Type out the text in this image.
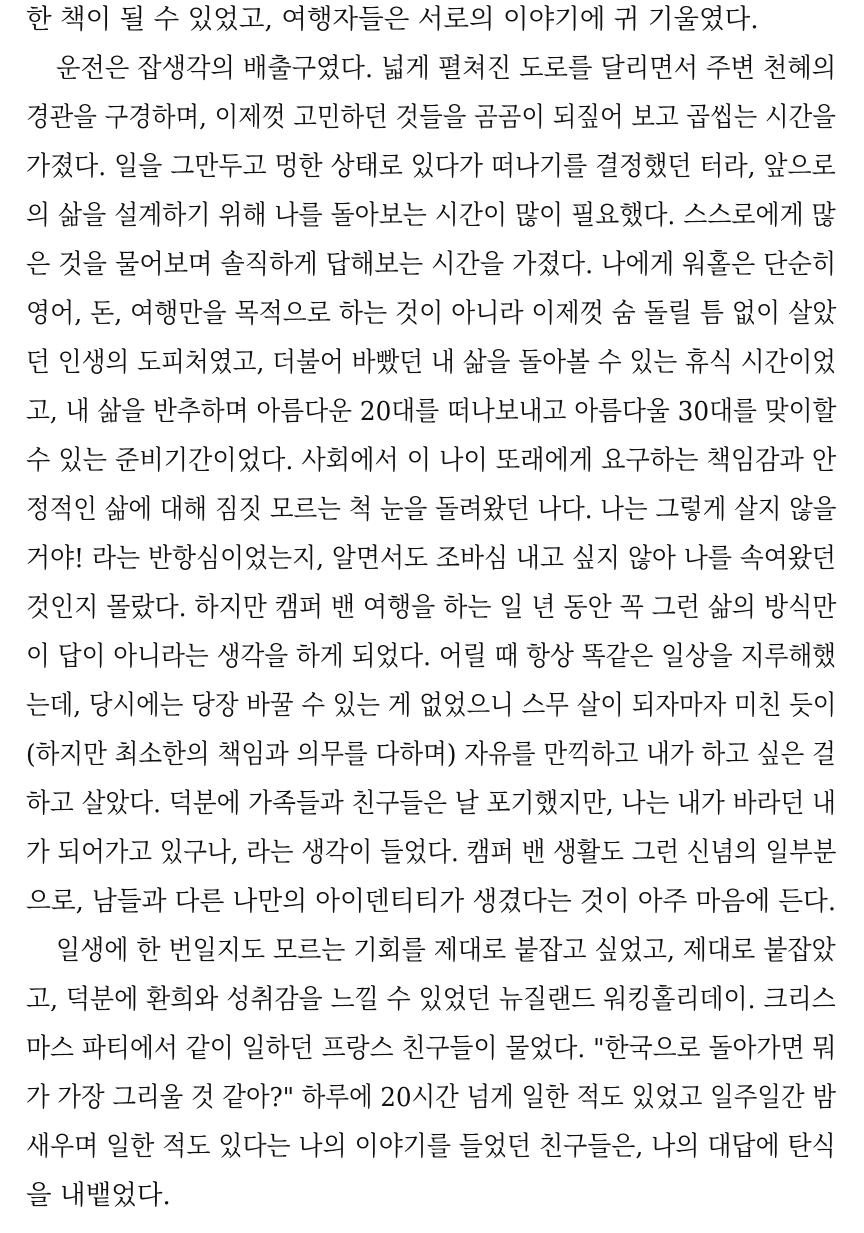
한 책이 될 수 있었고, 여행자들은 서로의 이야기에 귀 기울였다.
운전은 잡생각의 배출구였다. 넓게 펼쳐진 도로를 달리면서 주변 천혜의
경관을 구경하며, 이제껏 고민하던 것들을 곰곰이 되짚어 보고 곱씹는 시간을
가졌다. 일을 그만두고 멍한 상태로 있다가 떠나기를 결정했던 터라, 앞으로
의 삶을 설계하기 위해 나를 돌아보는 시간이 많이 필요했다. 스스로에게 많
은 것을 물어보며 솔직하게 답해보는 시간을 가졌다. 나에게 워홀은 단순히
영어, 돈, 여행만을 목적으로 하는 것이 아니라 이제껏 숨 돌릴 틈 없이 살았
던 인생의 도피처였고, 더불어 바빴던 내 삶을 돌아볼 수 있는 휴식 시간이었
고, 내 삶을 반추하며 아름다운 20대를 떠나보내고 아름다울 30대를 맞이할
수 있는 준비기간이었다. 사회에서 이 나이 또래에게 요구하는 책임감과 안
정적인 삶에 대해 짐짓 모르는 척 눈을 돌려왔던 나다. 나는 그렇게 살지 않을
거야! 라는 반항심이었는지, 알면서도 조바심 내고 싶지 않아 나를 속여왔던
것인지 몰랐다. 하지만 캠퍼 밴 여행을 하는 일 년 동안 꼭 그런 삶의 방식만
이 답이 아니라는 생각을 하게 되었다. 어릴 때 항상 똑같은 일상을 지루해했
는데, 당시에는 당장 바꿀 수 있는 게 없었으니 스무 살이 되자마자 미친 듯이
(하지만 최소한의 책임과 의무를 다하며) 자유를 만끽하고 내가 하고 싶은 걸
하고 살았다. 덕분에 가족들과 친구들은 날 포기했지만, 나는 내가 바라던 내
가 되어가고 있구나, 라는 생각이 들었다. 캠퍼 밴 생활도 그런 신념의 일부분
으로, 남들과 다른 나만의 아이덴티티가 생겼다는 것이 아주 마음에 든다.
일생에 한 번일지도 모르는 기회를 제대로 붙잡고 싶었고, 제대로 붙잡았
고, 덕분에 환희와 성취감을 느낄 수 있었던 뉴질랜드 워킹홀리데이. 크리스
마스 파티에서 같이 일하던 프랑스 친구들이 물었다. "한국으로 돌아가면 뭐
가 가장 그리울 것 같아?" 하루에 20시간 넘게 일한 적도 있었고 일주일간 밤
새우며 일한 적도 있다는 나의 이야기를 들었던 친구들은, 나의 대답에 탄식
을 내뱉었다.
